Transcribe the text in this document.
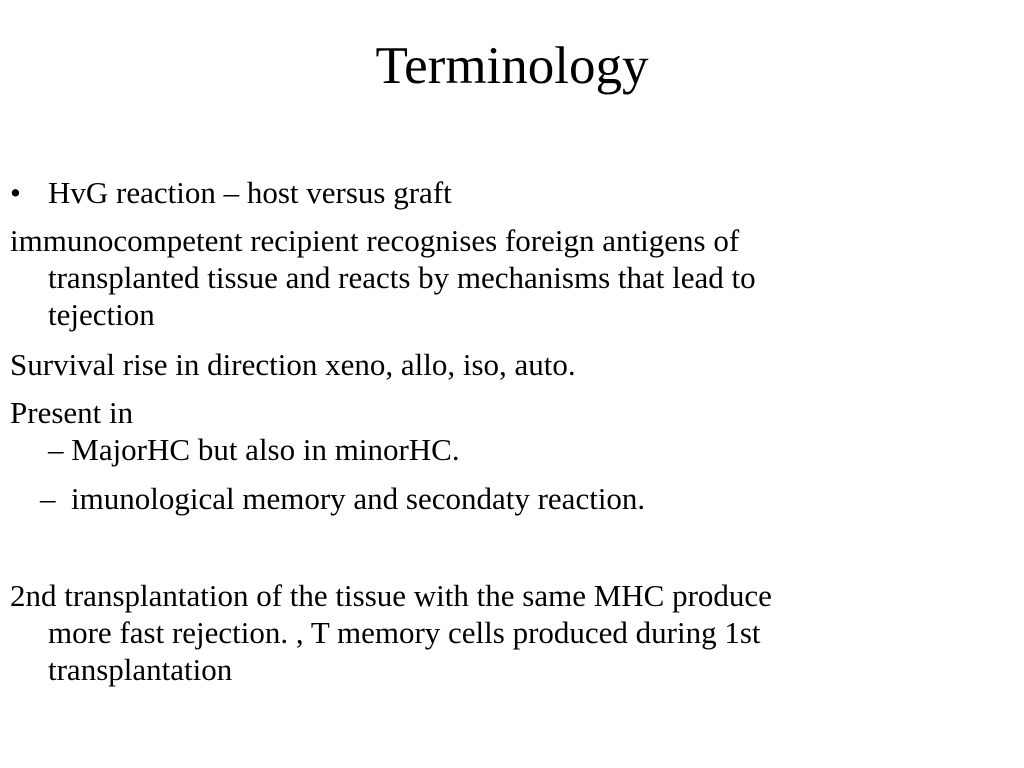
Terminology
• HvG reaction – host versus graft
immunocompetent recipient recognises foreign antigens of
transplanted tissue and reacts by mechanisms that lead to
tejection
Survival rise in direction xeno, allo, iso, auto.
Present in
– MajorHC but also in minorHC.
– imunological memory and secondaty reaction.
2nd transplantation of the tissue with the same MHC produce
more fast rejection. , T memory cells produced during 1st
transplantation
